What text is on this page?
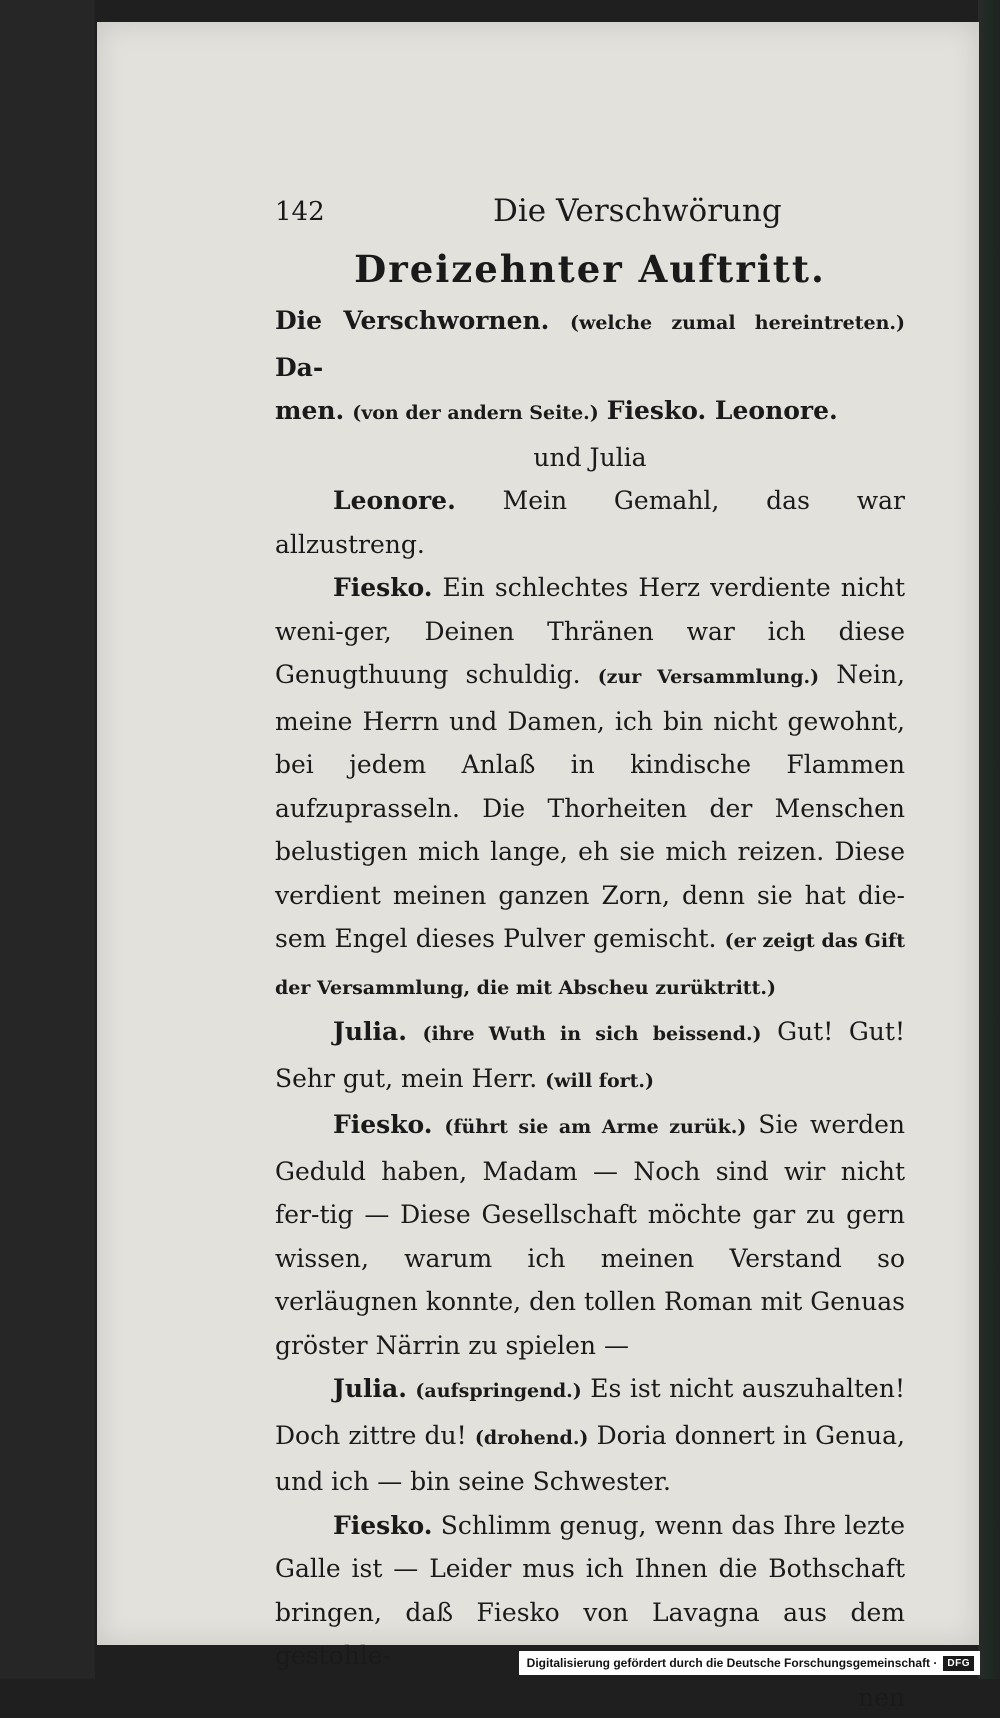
142	Die Verschwörung
Dreizehnter Auftritt.

Die Verschwornen. (welche zumal hereintreten.) Da-
men. (von der andern Seite.) Fiesko. Leonore.

und Julia

Leonore. Mein Gemahl, das war allzustreng.

Fiesko. Ein schlechtes Herz verdiente nicht weni-ger, Deinen Thränen war ich diese Genugthuung schuldig. (zur Versammlung.) Nein, meine Herrn und Damen, ich bin nicht gewohnt, bei jedem Anlaß in kindische Flammen aufzuprasseln. Die Thorheiten der Menschen belustigen mich lange, eh sie mich reizen. Diese verdient meinen ganzen Zorn, denn sie hat die-sem Engel dieses Pulver gemischt. (er zeigt das Gift der Versammlung, die mit Abscheu zurüktritt.)

Julia. (ihre Wuth in sich beissend.) Gut! Gut! Sehr gut, mein Herr. (will fort.)

Fiesko. (führt sie am Arme zurük.) Sie werden Geduld haben, Madam — Noch sind wir nicht fer-tig — Diese Gesellschaft möchte gar zu gern wissen, warum ich meinen Verstand so verläugnen konnte, den tollen Roman mit Genuas gröster Närrin zu spielen —

Julia. (aufspringend.) Es ist nicht auszuhalten! Doch zittre du! (drohend.) Doria donnert in Genua, und ich — bin seine Schwester.

Fiesko. Schlimm genug, wenn das Ihre lezte Galle ist — Leider mus ich Ihnen die Bothschaft bringen, daß Fiesko von Lavagna aus dem gestohle-

nen

Digitalisierung gefördert durch die Deutsche Forschungsgemeinschaft ·	DFG
